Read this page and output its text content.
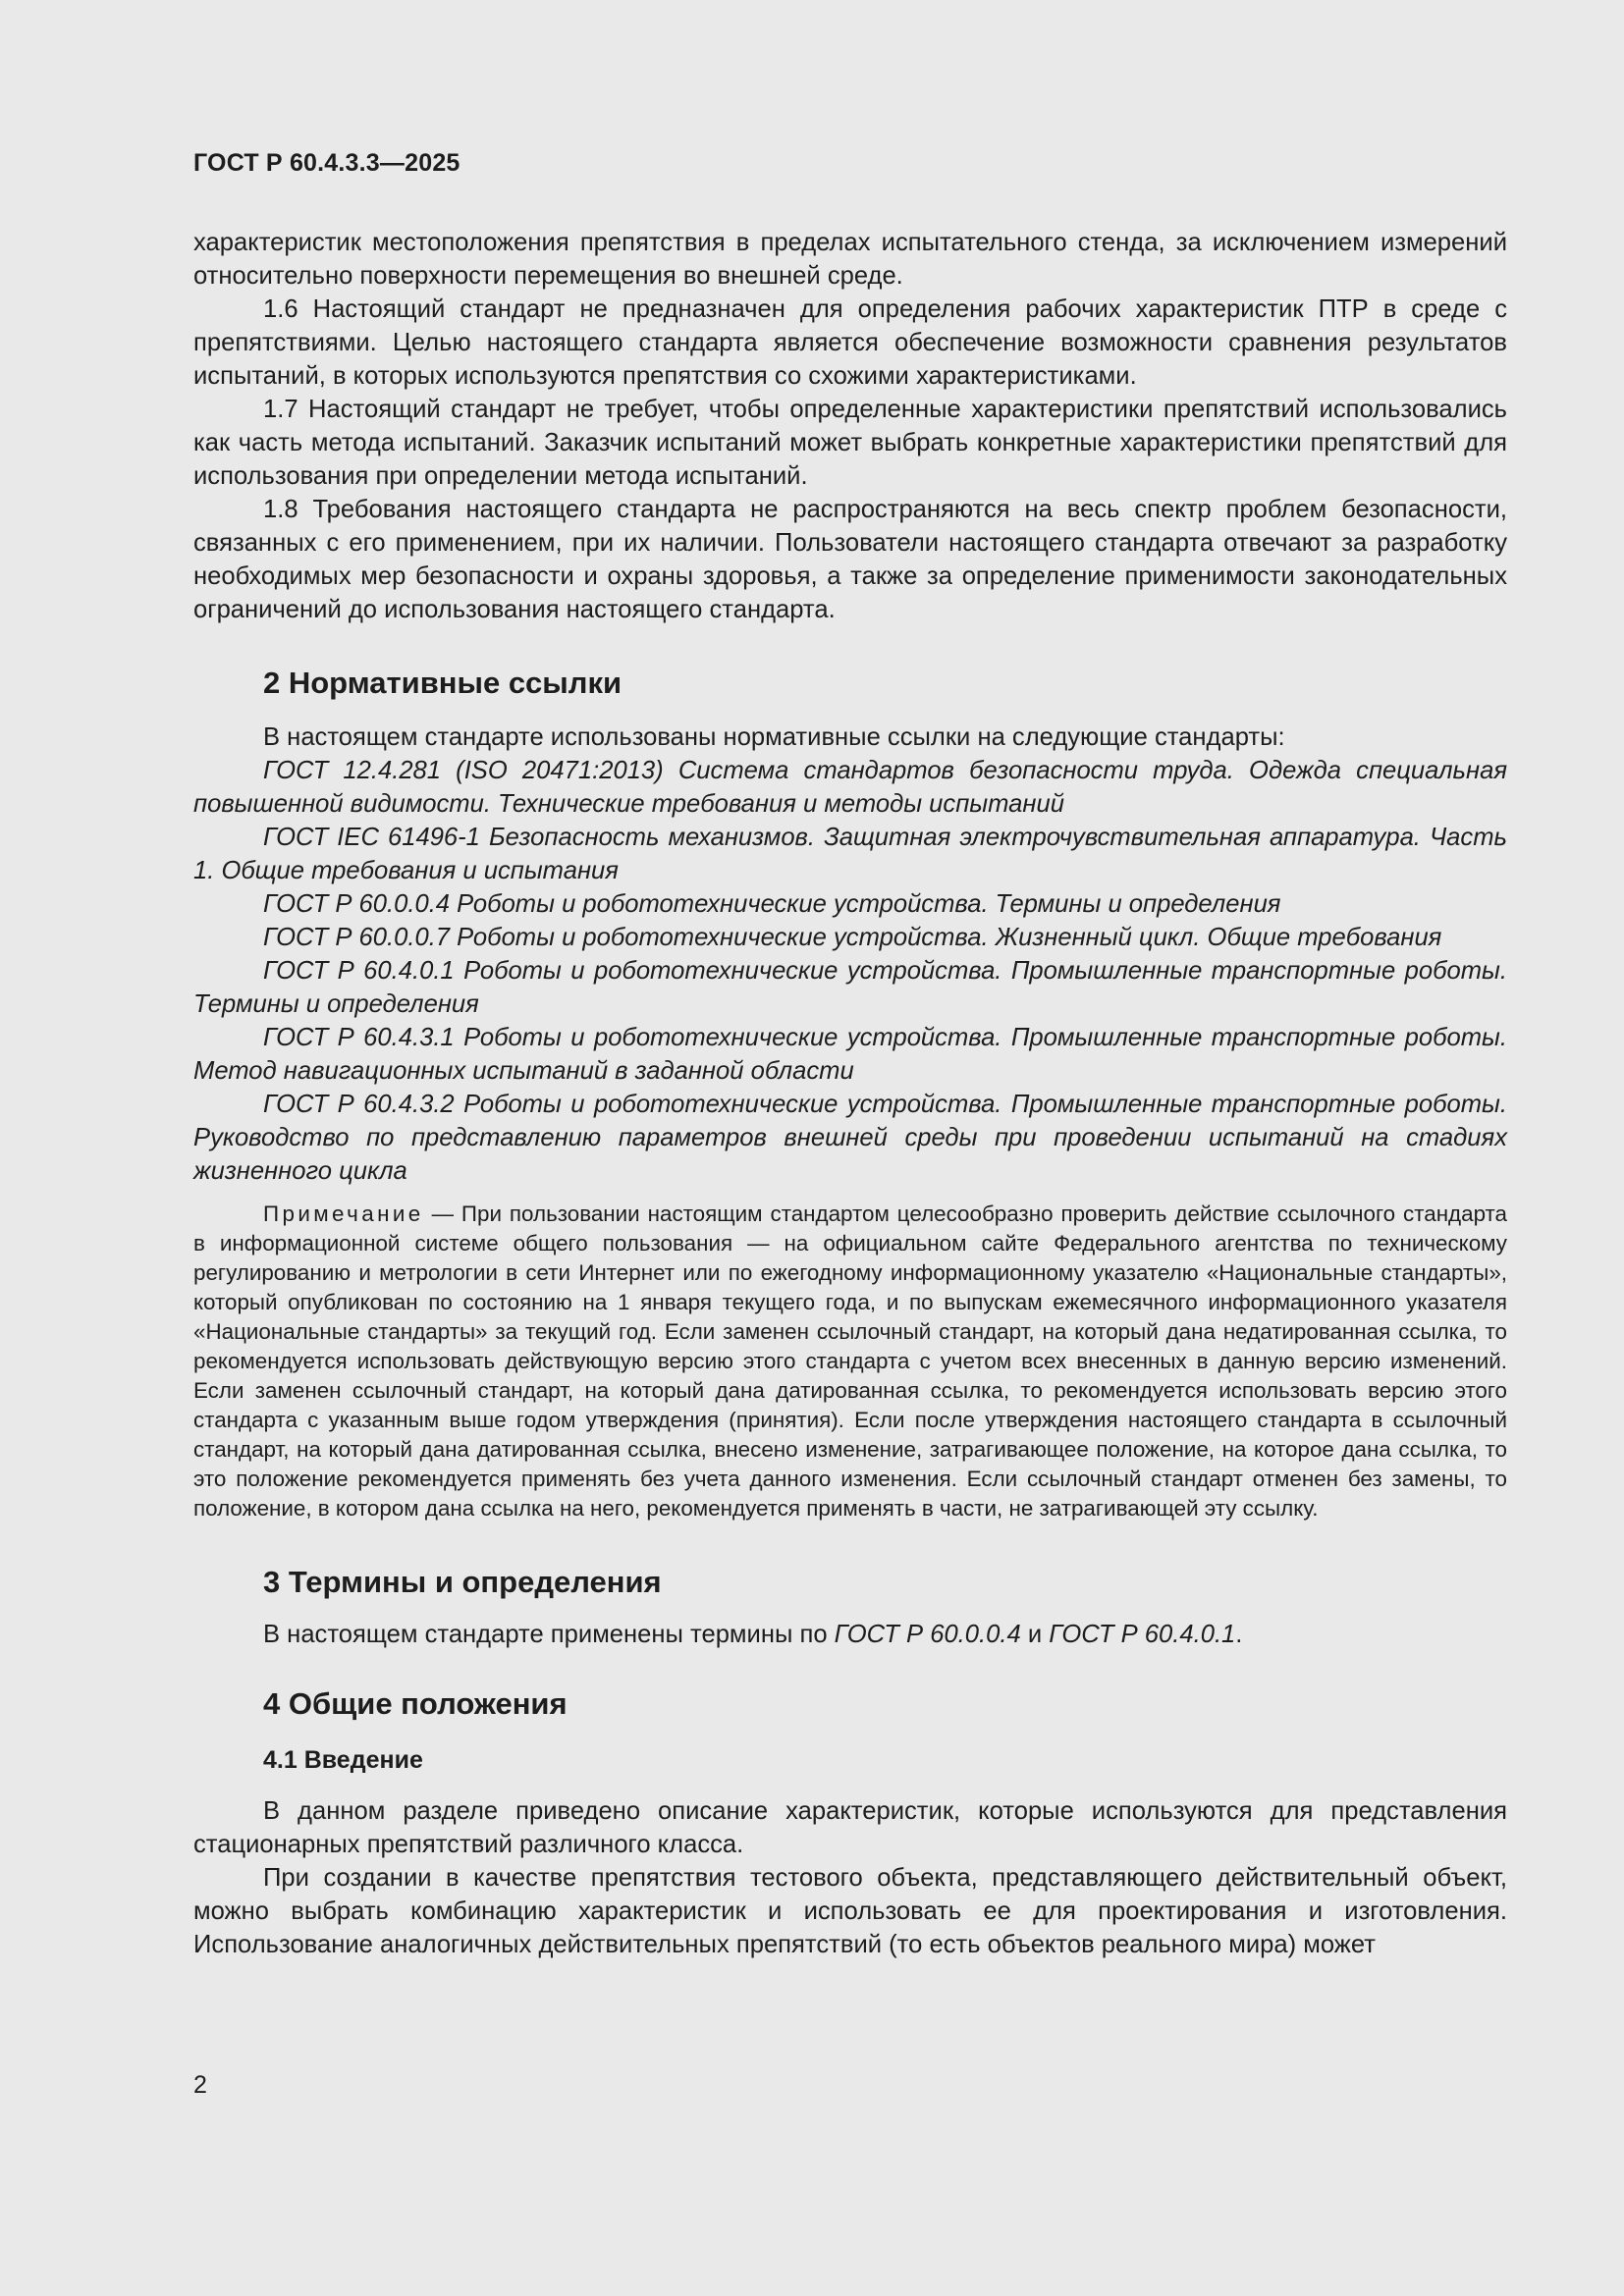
ГОСТ Р 60.4.3.3—2025

характеристик местоположения препятствия в пределах испытательного стенда, за исключением измерений относительно поверхности перемещения во внешней среде.

1.6 Настоящий стандарт не предназначен для определения рабочих характеристик ПТР в среде с препятствиями. Целью настоящего стандарта является обеспечение возможности сравнения результатов испытаний, в которых используются препятствия со схожими характеристиками.

1.7 Настоящий стандарт не требует, чтобы определенные характеристики препятствий использовались как часть метода испытаний. Заказчик испытаний может выбрать конкретные характеристики препятствий для использования при определении метода испытаний.

1.8 Требования настоящего стандарта не распространяются на весь спектр проблем безопасности, связанных с его применением, при их наличии. Пользователи настоящего стандарта отвечают за разработку необходимых мер безопасности и охраны здоровья, а также за определение применимости законодательных ограничений до использования настоящего стандарта.

2 Нормативные ссылки

В настоящем стандарте использованы нормативные ссылки на следующие стандарты:

ГОСТ 12.4.281 (ISO 20471:2013) Система стандартов безопасности труда. Одежда специальная повышенной видимости. Технические требования и методы испытаний

ГОСТ IEC 61496-1 Безопасность механизмов. Защитная электрочувствительная аппаратура. Часть 1. Общие требования и испытания

ГОСТ Р 60.0.0.4 Роботы и робототехнические устройства. Термины и определения

ГОСТ Р 60.0.0.7 Роботы и робототехнические устройства. Жизненный цикл. Общие требования

ГОСТ Р 60.4.0.1 Роботы и робототехнические устройства. Промышленные транспортные роботы. Термины и определения

ГОСТ Р 60.4.3.1 Роботы и робототехнические устройства. Промышленные транспортные роботы. Метод навигационных испытаний в заданной области

ГОСТ Р 60.4.3.2 Роботы и робототехнические устройства. Промышленные транспортные роботы. Руководство по представлению параметров внешней среды при проведении испытаний на стадиях жизненного цикла

Примечание — При пользовании настоящим стандартом целесообразно проверить действие ссылочного стандарта в информационной системе общего пользования — на официальном сайте Федерального агентства по техническому регулированию и метрологии в сети Интернет или по ежегодному информационному указателю «Национальные стандарты», который опубликован по состоянию на 1 января текущего года, и по выпускам ежемесячного информационного указателя «Национальные стандарты» за текущий год. Если заменен ссылочный стандарт, на который дана недатированная ссылка, то рекомендуется использовать действующую версию этого стандарта с учетом всех внесенных в данную версию изменений. Если заменен ссылочный стандарт, на который дана датированная ссылка, то рекомендуется использовать версию этого стандарта с указанным выше годом утверждения (принятия). Если после утверждения настоящего стандарта в ссылочный стандарт, на который дана датированная ссылка, внесено изменение, затрагивающее положение, на которое дана ссылка, то это положение рекомендуется применять без учета данного изменения. Если ссылочный стандарт отменен без замены, то положение, в котором дана ссылка на него, рекомендуется применять в части, не затрагивающей эту ссылку.

3 Термины и определения

В настоящем стандарте применены термины по ГОСТ Р 60.0.0.4 и ГОСТ Р 60.4.0.1.

4 Общие положения
4.1 Введение

В данном разделе приведено описание характеристик, которые используются для представления стационарных препятствий различного класса.

При создании в качестве препятствия тестового объекта, представляющего действительный объект, можно выбрать комбинацию характеристик и использовать ее для проектирования и изготовления. Использование аналогичных действительных препятствий (то есть объектов реального мира) может

2
